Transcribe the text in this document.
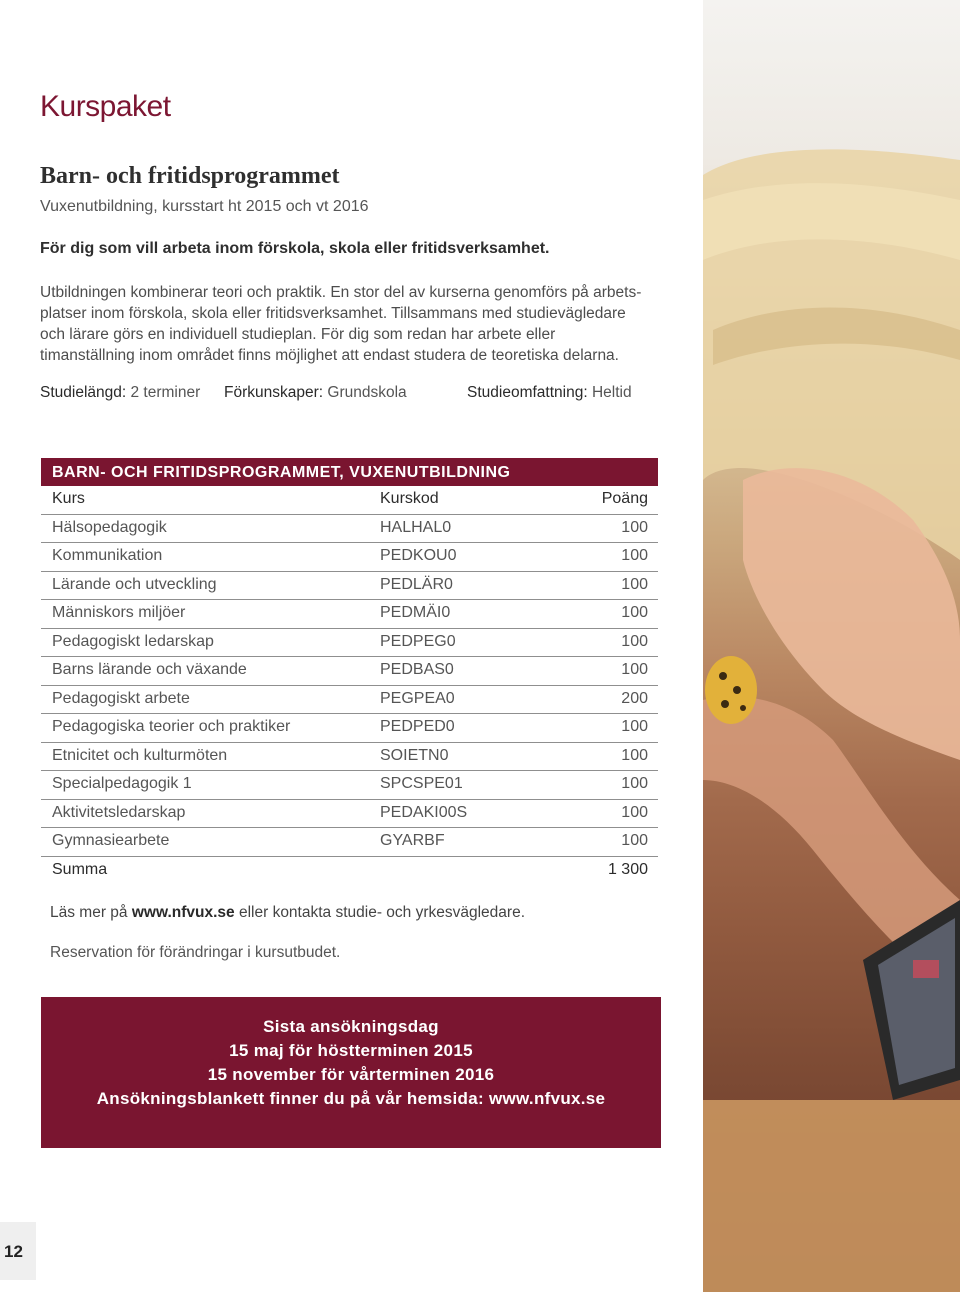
Kurspaket
Barn- och fritidsprogrammet
Vuxenutbildning, kursstart ht 2015 och vt 2016
För dig som vill arbeta inom förskola, skola eller fritidsverksamhet.

Utbildningen kombinerar teori och praktik. En stor del av kurserna genomförs på arbetsplatser inom förskola, skola eller fritidsverksamhet. Tillsammans med studievägledare och lärare görs en individuell studieplan. För dig som redan har arbete eller timanställning inom området finns möjlighet att endast studera de teoretiska delarna.

Studielängd: 2 terminer Förkunskaper: Grundskola	Studieomfattning: Heltid
BARN- OCH FRITIDSPROGRAMMET, VUXENUTBILDNING
Kurs	Kurskod	Poäng
Hälsopedagogik	HALHAL0	100
Kommunikation	PEDKOU0	100
Lärande och utveckling	PEDLÄR0	100
Människors miljöer	PEDMÄI0	100
Pedagogiskt ledarskap	PEDPEG0	100
Barns lärande och växande	PEDBAS0	100
Pedagogiskt arbete	PEGPEA0	200
Pedagogiska teorier och praktiker	PEDPED0	100
Etnicitet och kulturmöten	SOIETN0	100
Specialpedagogik 1	SPCSPE01	100
Aktivitetsledarskap	PEDAKI00S	100
Gymnasiearbete	GYARBF	100
Summa	1 300
Läs mer på www.nfvux.se eller kontakta studie- och yrkesvägledare.
Reservation för förändringar i kursutbudet.
Sista ansökningsdag
15 maj för höstterminen 2015
15 november för vårterminen 2016
Ansökningsblankett finner du på vår hemsida: www.nfvux.se
12
